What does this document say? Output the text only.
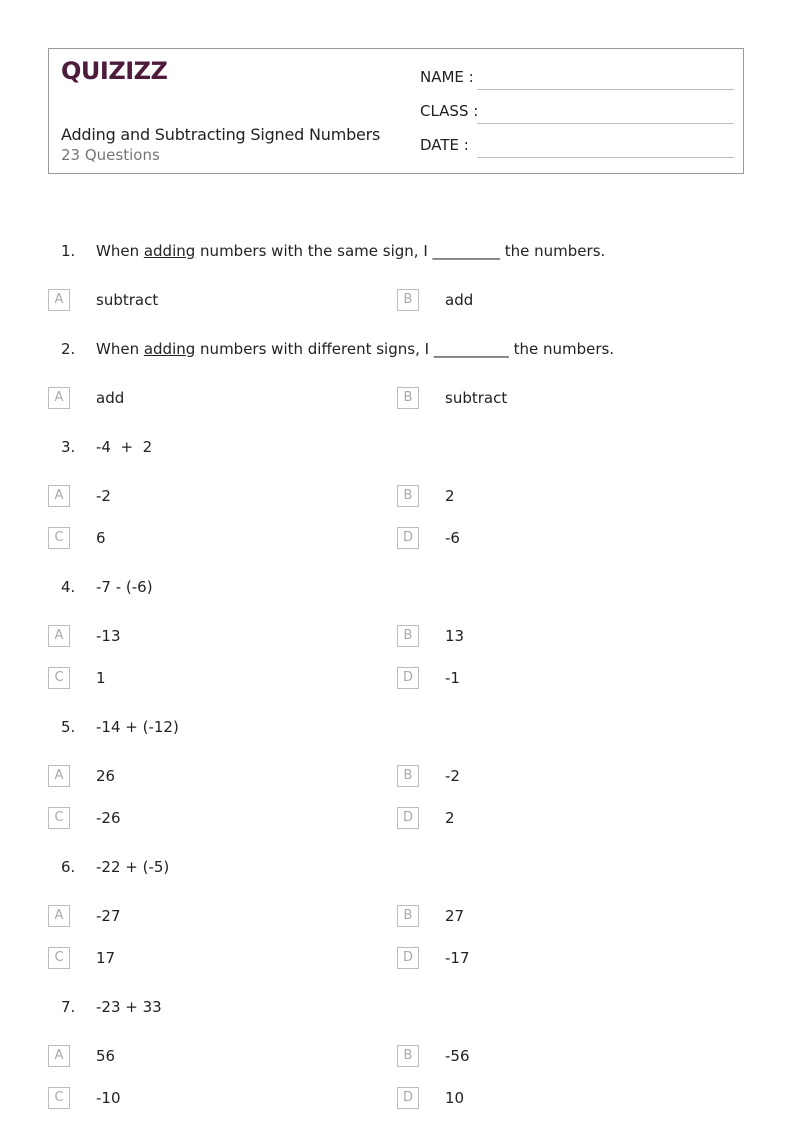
QUIZIZZ
Adding and Subtracting Signed Numbers
23 Questions
NAME :
CLASS :
DATE :
1. When adding numbers with the same sign, I _________ the numbers.
A	subtract	B	add
2. When adding numbers with different signs, I __________ the numbers.
A	add	B	subtract
3. -4  +  2
A	-2	B	2
C	6	D	-6
4. -7 - (-6)
A	-13	B	13
C	1	D	-1
5. -14 + (-12)
A	26	B	-2
C	-26	D	2
6. -22 + (-5)
A	-27	B	27
C	17	D	-17
7. -23 + 33
A	56	B	-56
C	-10	D	10
